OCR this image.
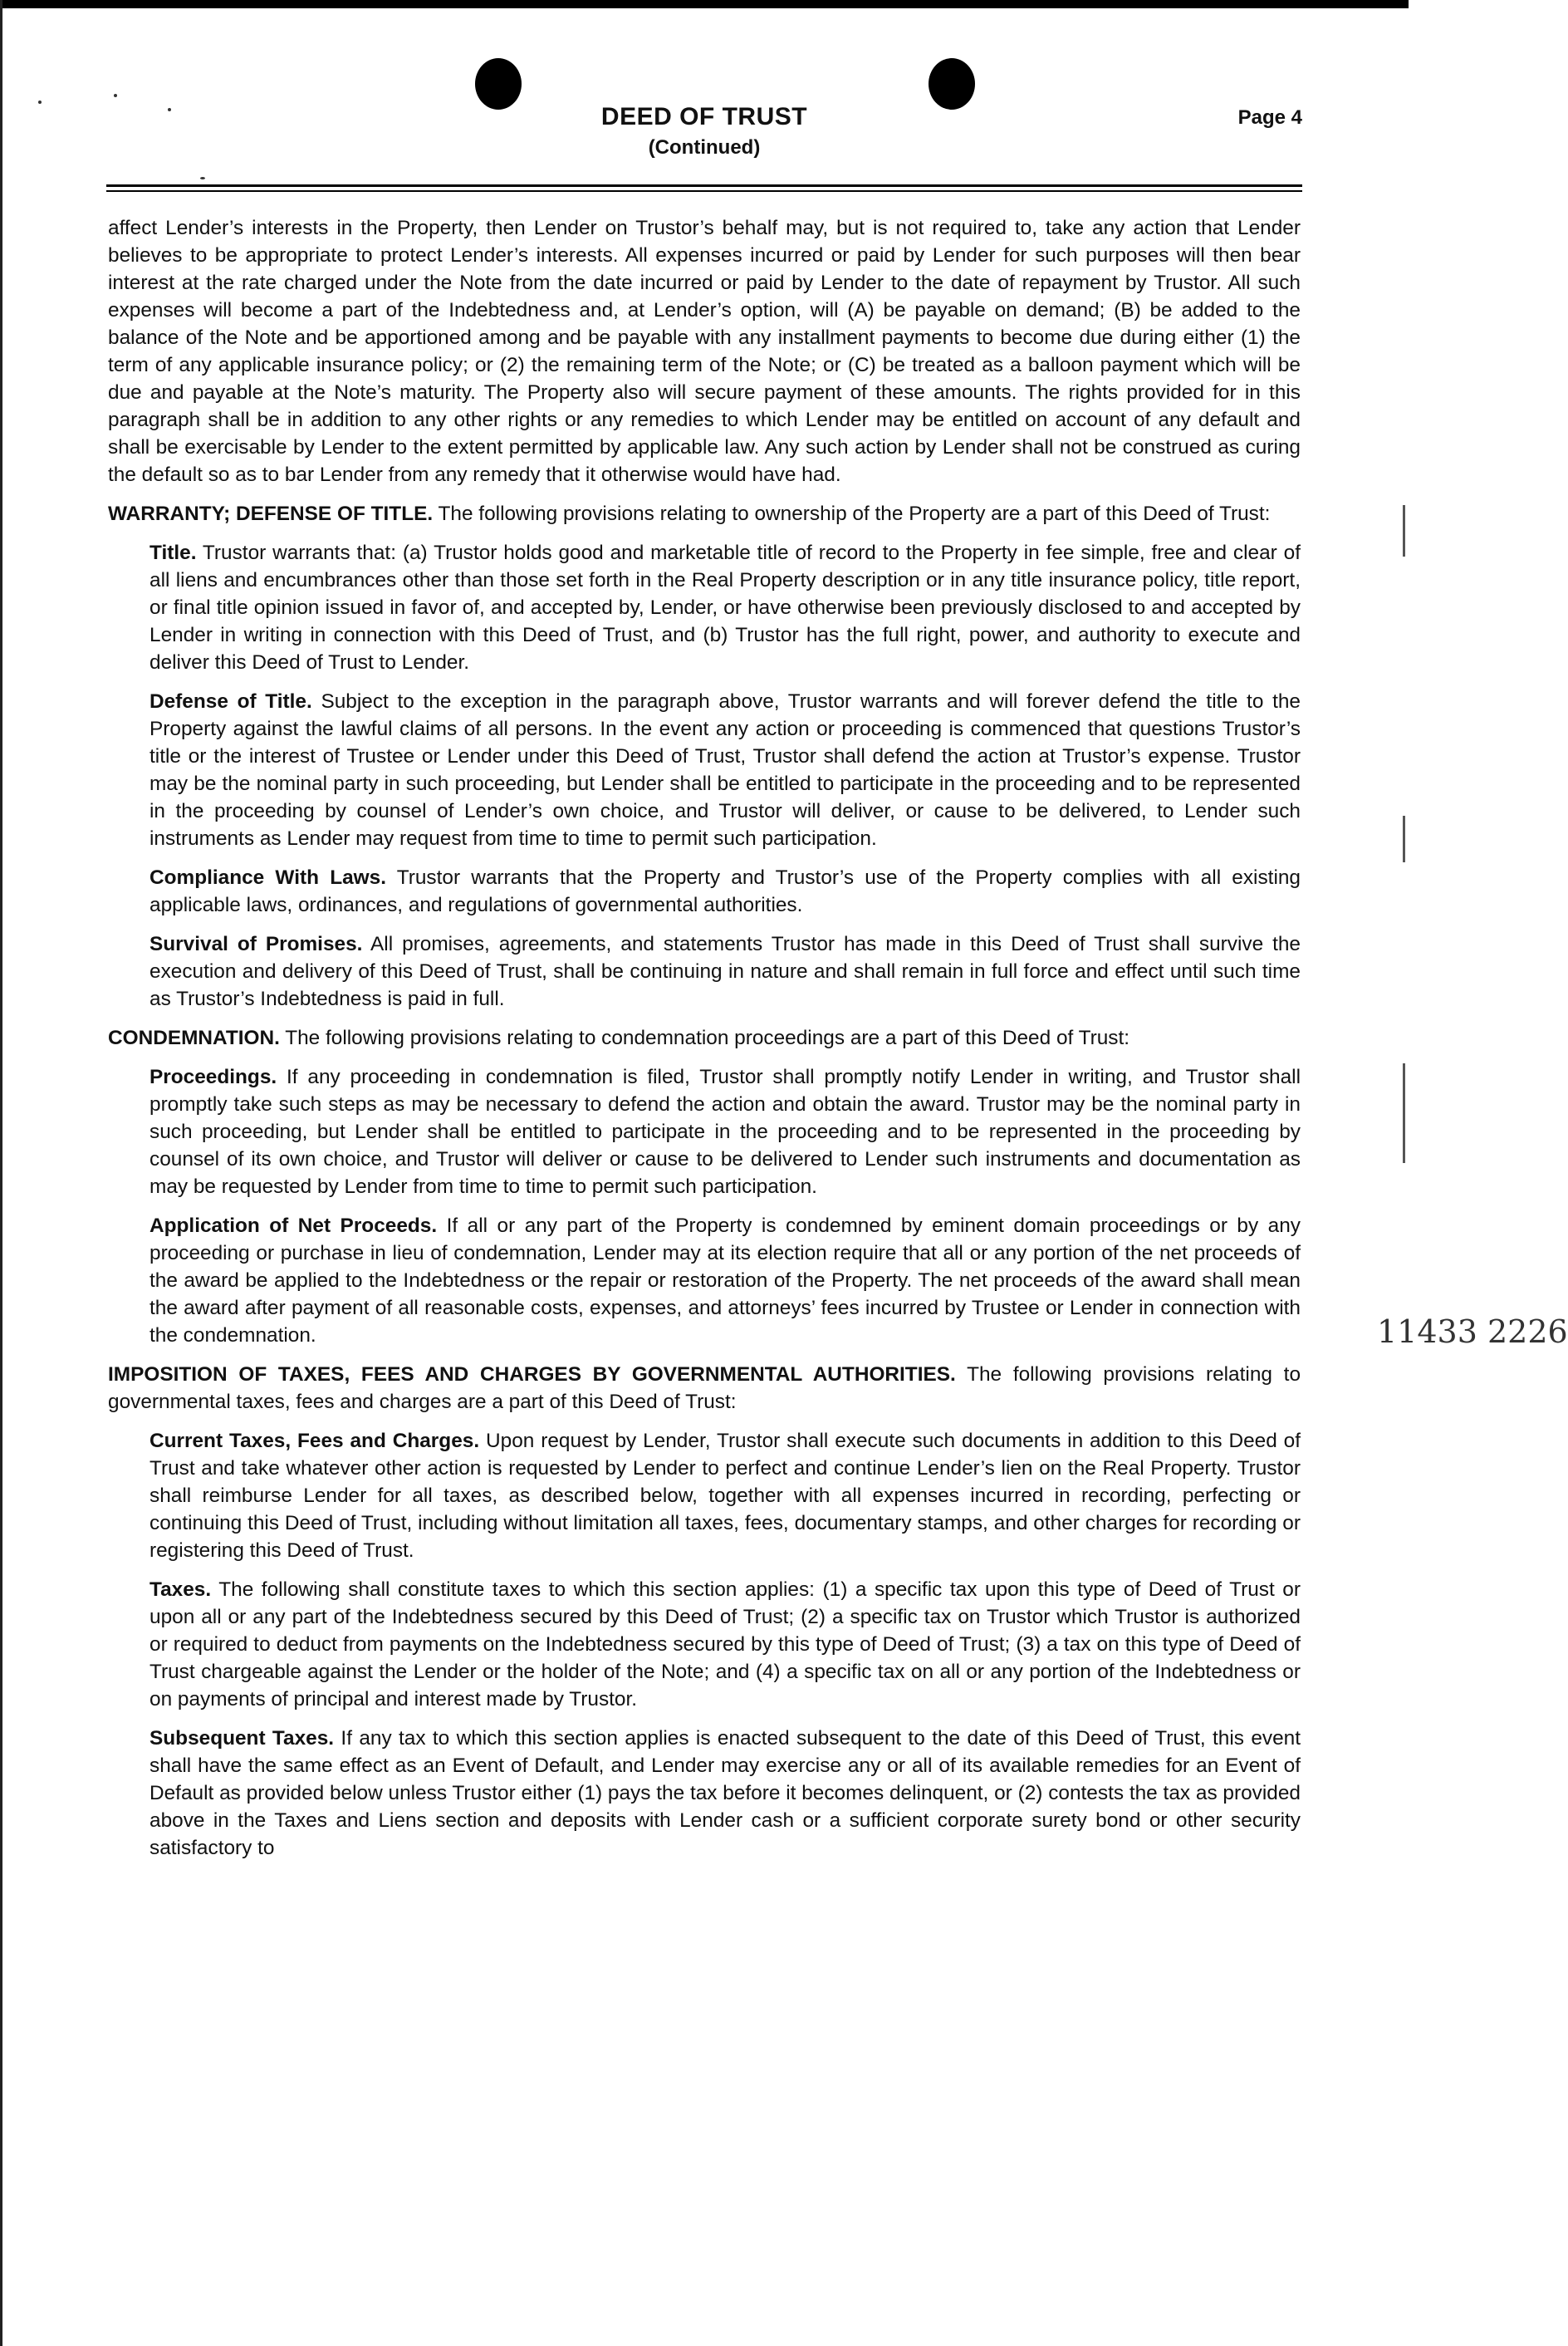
DEED OF TRUST
(Continued)
Page 4

affect Lender’s interests in the Property, then Lender on Trustor’s behalf may, but is not required to, take any action that Lender believes to be appropriate to protect Lender’s interests. All expenses incurred or paid by Lender for such purposes will then bear interest at the rate charged under the Note from the date incurred or paid by Lender to the date of repayment by Trustor. All such expenses will become a part of the Indebtedness and, at Lender’s option, will (A) be payable on demand; (B) be added to the balance of the Note and be apportioned among and be payable with any installment payments to become due during either (1) the term of any applicable insurance policy; or (2) the remaining term of the Note; or (C) be treated as a balloon payment which will be due and payable at the Note’s maturity. The Property also will secure payment of these amounts. The rights provided for in this paragraph shall be in addition to any other rights or any remedies to which Lender may be entitled on account of any default and shall be exercisable by Lender to the extent permitted by applicable law. Any such action by Lender shall not be construed as curing the default so as to bar Lender from any remedy that it otherwise would have had.

WARRANTY; DEFENSE OF TITLE. The following provisions relating to ownership of the Property are a part of this Deed of Trust:

Title. Trustor warrants that: (a) Trustor holds good and marketable title of record to the Property in fee simple, free and clear of all liens and encumbrances other than those set forth in the Real Property description or in any title insurance policy, title report, or final title opinion issued in favor of, and accepted by, Lender, or have otherwise been previously disclosed to and accepted by Lender in writing in connection with this Deed of Trust, and (b) Trustor has the full right, power, and authority to execute and deliver this Deed of Trust to Lender.

Defense of Title. Subject to the exception in the paragraph above, Trustor warrants and will forever defend the title to the Property against the lawful claims of all persons. In the event any action or proceeding is commenced that questions Trustor’s title or the interest of Trustee or Lender under this Deed of Trust, Trustor shall defend the action at Trustor’s expense. Trustor may be the nominal party in such proceeding, but Lender shall be entitled to participate in the proceeding and to be represented in the proceeding by counsel of Lender’s own choice, and Trustor will deliver, or cause to be delivered, to Lender such instruments as Lender may request from time to time to permit such participation.

Compliance With Laws. Trustor warrants that the Property and Trustor’s use of the Property complies with all existing applicable laws, ordinances, and regulations of governmental authorities.

Survival of Promises. All promises, agreements, and statements Trustor has made in this Deed of Trust shall survive the execution and delivery of this Deed of Trust, shall be continuing in nature and shall remain in full force and effect until such time as Trustor’s Indebtedness is paid in full.

CONDEMNATION. The following provisions relating to condemnation proceedings are a part of this Deed of Trust:

Proceedings. If any proceeding in condemnation is filed, Trustor shall promptly notify Lender in writing, and Trustor shall promptly take such steps as may be necessary to defend the action and obtain the award. Trustor may be the nominal party in such proceeding, but Lender shall be entitled to participate in the proceeding and to be represented in the proceeding by counsel of its own choice, and Trustor will deliver or cause to be delivered to Lender such instruments and documentation as may be requested by Lender from time to time to permit such participation.

Application of Net Proceeds. If all or any part of the Property is condemned by eminent domain proceedings or by any proceeding or purchase in lieu of condemnation, Lender may at its election require that all or any portion of the net proceeds of the award be applied to the Indebtedness or the repair or restoration of the Property. The net proceeds of the award shall mean the award after payment of all reasonable costs, expenses, and attorneys’ fees incurred by Trustee or Lender in connection with the condemnation.

IMPOSITION OF TAXES, FEES AND CHARGES BY GOVERNMENTAL AUTHORITIES. The following provisions relating to governmental taxes, fees and charges are a part of this Deed of Trust:

Current Taxes, Fees and Charges. Upon request by Lender, Trustor shall execute such documents in addition to this Deed of Trust and take whatever other action is requested by Lender to perfect and continue Lender’s lien on the Real Property. Trustor shall reimburse Lender for all taxes, as described below, together with all expenses incurred in recording, perfecting or continuing this Deed of Trust, including without limitation all taxes, fees, documentary stamps, and other charges for recording or registering this Deed of Trust.

Taxes. The following shall constitute taxes to which this section applies: (1) a specific tax upon this type of Deed of Trust or upon all or any part of the Indebtedness secured by this Deed of Trust; (2) a specific tax on Trustor which Trustor is authorized or required to deduct from payments on the Indebtedness secured by this type of Deed of Trust; (3) a tax on this type of Deed of Trust chargeable against the Lender or the holder of the Note; and (4) a specific tax on all or any portion of the Indebtedness or on payments of principal and interest made by Trustor.

Subsequent Taxes. If any tax to which this section applies is enacted subsequent to the date of this Deed of Trust, this event shall have the same effect as an Event of Default, and Lender may exercise any or all of its available remedies for an Event of Default as provided below unless Trustor either (1) pays the tax before it becomes delinquent, or (2) contests the tax as provided above in the Taxes and Liens section and deposits with Lender cash or a sufficient corporate surety bond or other security satisfactory to

11433 2226
